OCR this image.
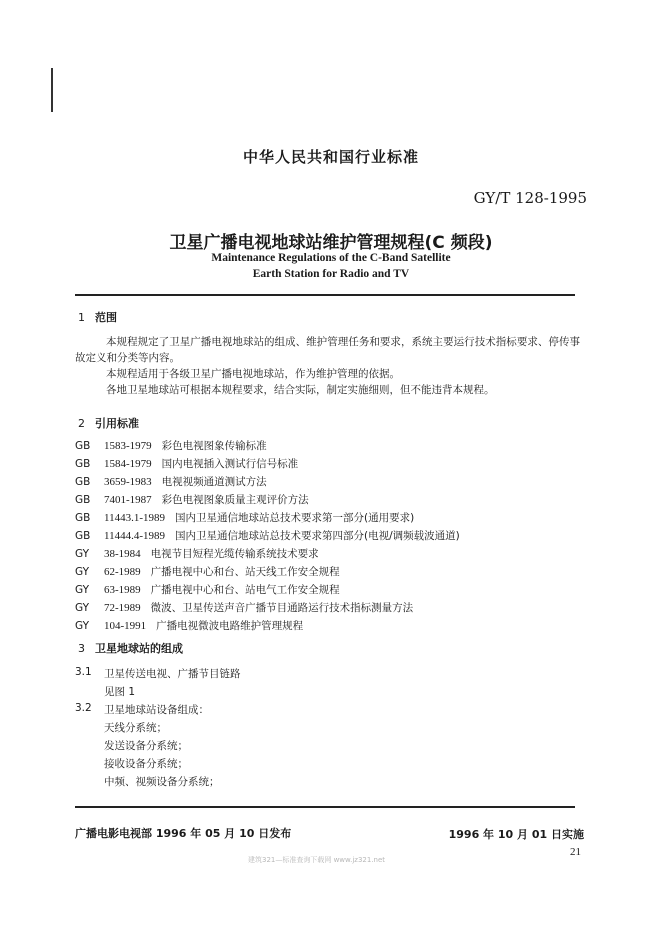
中华人民共和国行业标准
GY/T 128-1995
卫星广播电视地球站维护管理规程(C 频段)
Maintenance Regulations of the C-Band Satellite
Earth Station for Radio and TV
1 范围

本规程规定了卫星广播电视地球站的组成、维护管理任务和要求，系统主要运行技术指标要求、停传事故定义和分类等内容。

本规程适用于各级卫星广播电视地球站，作为维护管理的依据。

各地卫星地球站可根据本规程要求，结合实际，制定实施细则，但不能违背本规程。

2 引用标准
GB 1583-1979 彩色电视图象传输标准
GB 1584-1979 国内电视插入测试行信号标准
GB 3659-1983 电视视频通道测试方法
GB 7401-1987 彩色电视图象质量主观评价方法
GB 11443.1-1989 国内卫星通信地球站总技术要求第一部分(通用要求)
GB 11444.4-1989 国内卫星通信地球站总技术要求第四部分(电视/调频载波通道)
GY 38-1984 电视节目短程光缆传输系统技术要求
GY 62-1989 广播电视中心和台、站天线工作安全规程
GY 63-1989 广播电视中心和台、站电气工作安全规程
GY 72-1989 微波、卫星传送声音广播节目通路运行技术指标测量方法
GY 104-1991 广播电视微波电路维护管理规程
3 卫星地球站的组成
3.1 卫星传送电视、广播节目链路
见图 1
3.2 卫星地球站设备组成：
天线分系统；
发送设备分系统；
接收设备分系统；
中频、视频设备分系统；
广播电影电视部 1996 年 05 月 10 日发布	1996 年 10 月 01 日实施
21
建筑321—标准查询下载网 www.jz321.net
